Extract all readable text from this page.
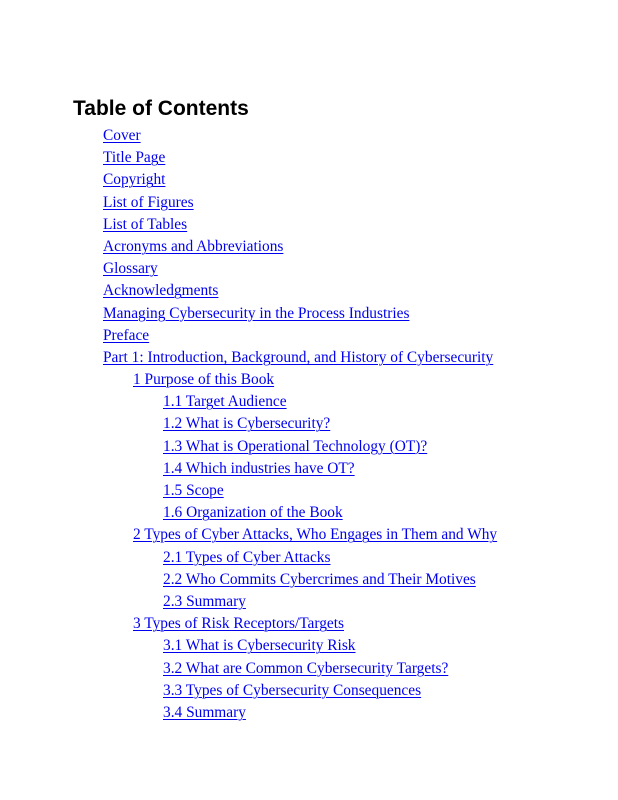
Table of Contents
Cover
Title Page
Copyright
List of Figures
List of Tables
Acronyms and Abbreviations
Glossary
Acknowledgments
Managing Cybersecurity in the Process Industries
Preface
Part 1: Introduction, Background, and History of Cybersecurity
1 Purpose of this Book
1.1 Target Audience
1.2 What is Cybersecurity?
1.3 What is Operational Technology (OT)?
1.4 Which industries have OT?
1.5 Scope
1.6 Organization of the Book
2 Types of Cyber Attacks, Who Engages in Them and Why
2.1 Types of Cyber Attacks
2.2 Who Commits Cybercrimes and Their Motives
2.3 Summary
3 Types of Risk Receptors/Targets
3.1 What is Cybersecurity Risk
3.2 What are Common Cybersecurity Targets?
3.3 Types of Cybersecurity Consequences
3.4 Summary
